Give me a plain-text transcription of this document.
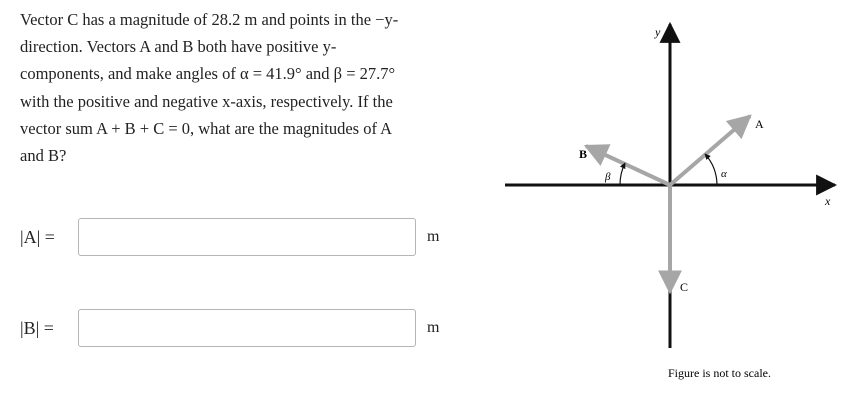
Vector C has a magnitude of 28.2 m and points in the −y-
direction. Vectors A and B both have positive y-
components, and make angles of α = 41.9° and β = 27.7°
with the positive and negative x-axis, respectively. If the
vector sum A + B + C = 0, what are the magnitudes of A
and B?
|A| =	m
|B| =	m
y
x
A
B
C
α
β
Figure is not to scale.
